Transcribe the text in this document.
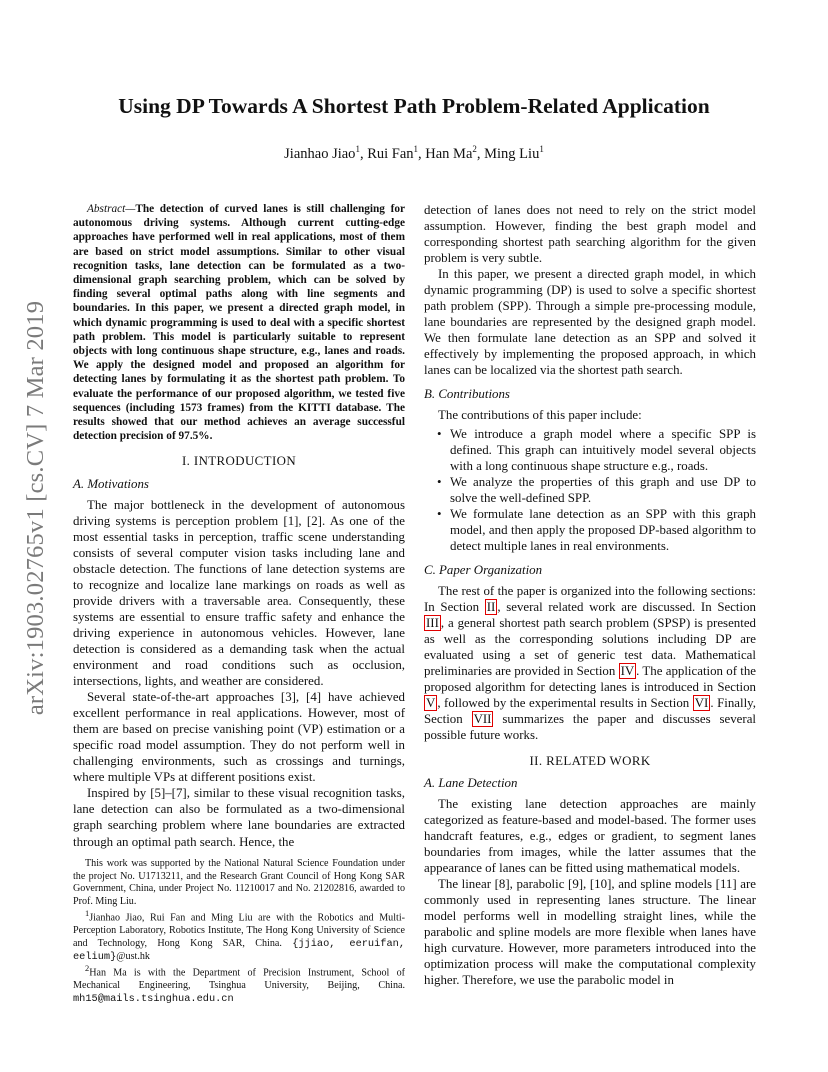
arXiv:1903.02765v1 [cs.CV] 7 Mar 2019
Using DP Towards A Shortest Path Problem-Related Application
Jianhao Jiao$^1$, Rui Fan$^1$, Han Ma$^2$, Ming Liu$^1$

Abstract—The detection of curved lanes is still challenging for autonomous driving systems. Although current cutting-edge approaches have performed well in real applications, most of them are based on strict model assumptions. Similar to other visual recognition tasks, lane detection can be formulated as a two-dimensional graph searching problem, which can be solved by finding several optimal paths along with line segments and boundaries. In this paper, we present a directed graph model, in which dynamic programming is used to deal with a specific shortest path problem. This model is particularly suitable to represent objects with long continuous shape structure, e.g., lanes and roads. We apply the designed model and proposed an algorithm for detecting lanes by formulating it as the shortest path problem. To evaluate the performance of our proposed algorithm, we tested five sequences (including 1573 frames) from the KITTI database. The results showed that our method achieves an average successful detection precision of 97.5%.

I. INTRODUCTION
A. Motivations

The major bottleneck in the development of autonomous driving systems is perception problem [1], [2]. As one of the most essential tasks in perception, traffic scene understanding consists of several computer vision tasks including lane and obstacle detection. The functions of lane detection systems are to recognize and localize lane markings on roads as well as provide drivers with a traversable area. Consequently, these systems are essential to ensure traffic safety and enhance the driving experience in autonomous vehicles. However, lane detection is considered as a demanding task when the actual environment and road conditions such as occlusion, intersections, lights, and weather are considered.

Several state-of-the-art approaches [3], [4] have achieved excellent performance in real applications. However, most of them are based on precise vanishing point (VP) estimation or a specific road model assumption. They do not perform well in challenging environments, such as crossings and turnings, where multiple VPs at different positions exist.

Inspired by [5]–[7], similar to these visual recognition tasks, lane detection can also be formulated as a two-dimensional graph searching problem where lane boundaries are extracted through an optimal path search. Hence, the

This work was supported by the National Natural Science Foundation under the project No. U1713211, and the Research Grant Council of Hong Kong SAR Government, China, under Project No. 11210017 and No. 21202816, awarded to Prof. Ming Liu.

$^1$Jianhao Jiao, Rui Fan and Ming Liu are with the Robotics and Multi-Perception Laboratory, Robotics Institute, The Hong Kong University of Science and Technology, Hong Kong SAR, China. {jjiao, eeruifan, eelium}@ust.hk

$^2$Han Ma is with the Department of Precision Instrument, School of Mechanical Engineering, Tsinghua University, Beijing, China. mh15@mails.tsinghua.edu.cn

detection of lanes does not need to rely on the strict model assumption. However, finding the best graph model and corresponding shortest path searching algorithm for the given problem is very subtle.

In this paper, we present a directed graph model, in which dynamic programming (DP) is used to solve a specific shortest path problem (SPP). Through a simple pre-processing module, lane boundaries are represented by the designed graph model. We then formulate lane detection as an SPP and solved it effectively by implementing the proposed approach, in which lanes can be localized via the shortest path search.

B. Contributions

The contributions of this paper include:

• We introduce a graph model where a specific SPP is defined. This graph can intuitively model several objects with a long continuous shape structure e.g., roads.
• We analyze the properties of this graph and use DP to solve the well-defined SPP.
• We formulate lane detection as an SPP with this graph model, and then apply the proposed DP-based algorithm to detect multiple lanes in real environments.
C. Paper Organization

The rest of the paper is organized into the following sections: In Section II , several related work are discussed. In Section III , a general shortest path search problem (SPSP) is presented as well as the corresponding solutions including DP are evaluated using a set of generic test data. Mathematical preliminaries are provided in Section IV . The application of the proposed algorithm for detecting lanes is introduced in Section V , followed by the experimental results in Section VI . Finally, Section VII summarizes the paper and discusses several possible future works.

II. RELATED WORK
A. Lane Detection

The existing lane detection approaches are mainly categorized as feature-based and model-based. The former uses handcraft features, e.g., edges or gradient, to segment lanes boundaries from images, while the latter assumes that the appearance of lanes can be fitted using mathematical models.

The linear [8], parabolic [9], [10], and spline models [11] are commonly used in representing lanes structure. The linear model performs well in modelling straight lines, while the parabolic and spline models are more flexible when lanes have high curvature. However, more parameters introduced into the optimization process will make the computational complexity higher. Therefore, we use the parabolic model in
